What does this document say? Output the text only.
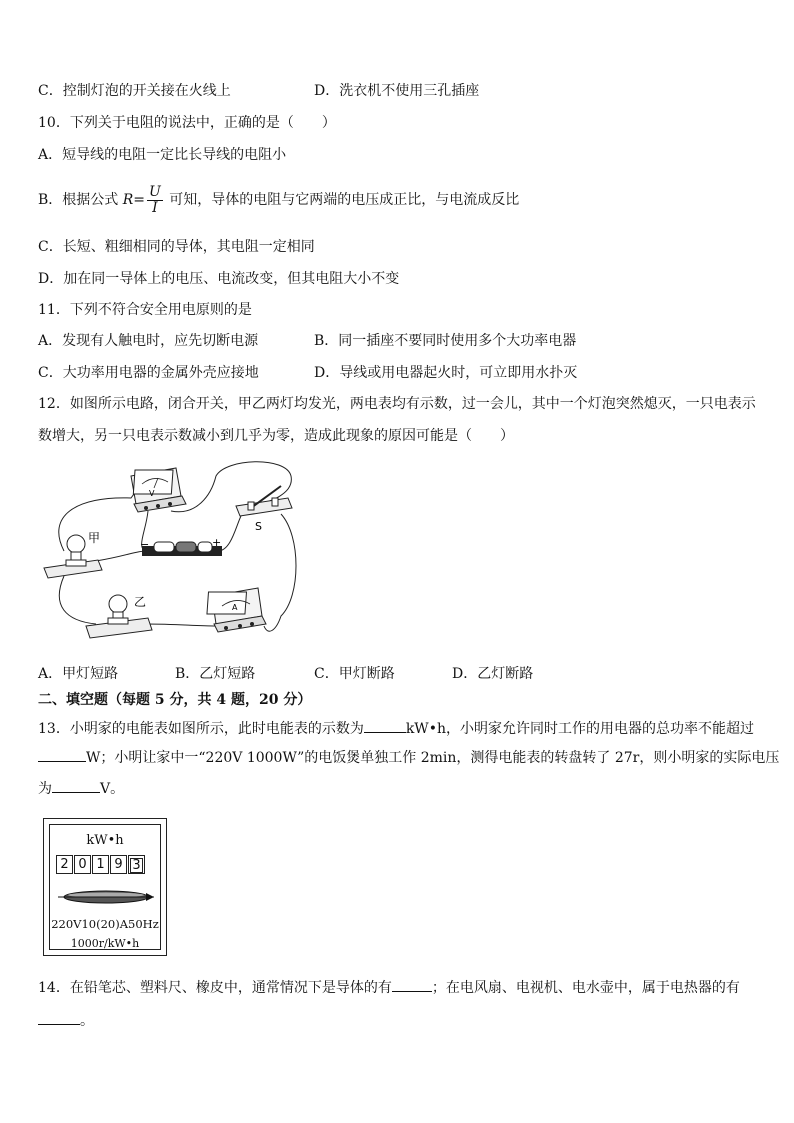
C．控制灯泡的开关接在火线上	D．洗衣机不使用三孔插座
10．下列关于电阻的说法中，正确的是（　　）
A．短导线的电阻一定比长导线的电阻小
B．根据公式 $R= \frac{U}{I}$ 可知，导体的电阻与它两端的电压成正比，与电流成反比
C．长短、粗细相同的导体，其电阻一定相同
D．加在同一导体上的电压、电流改变，但其电阻大小不变
11．下列不符合安全用电原则的是
A．发现有人触电时，应先切断电源	B．同一插座不要同时使用多个大功率电器
C．大功率用电器的金属外壳应接地	D．导线或用电器起火时，可立即用水扑灭
12．如图所示电路，闭合开关，甲乙两灯均发光，两电表均有示数，过一会儿，其中一个灯泡突然熄灭，一只电表示
数增大，另一只电表示数减小到几乎为零，造成此现象的原因可能是（　　）
V
S
−	+
甲
乙	A
A．甲灯短路	B．乙灯短路	C．甲灯断路	D．乙灯断路
二、填空题（每题 5 分，共 4 题，20 分）
13．小明家的电能表如图所示，此时电能表的示数为	kW•h，小明家允许同时工作的用电器的总功率不能超过
W；小明让家中一“220V 1000W”的电饭煲单独工作 2min，测得电能表的转盘转了 27r，则小明家的实际电压
为	V。
kW•h
2 0 1 9 3
220V10(20)A50Hz
1000r/kW•h
14．在铅笔芯、塑料尺、橡皮中，通常情况下是导体的有	；在电风扇、电视机、电水壶中，属于电热器的有
。
